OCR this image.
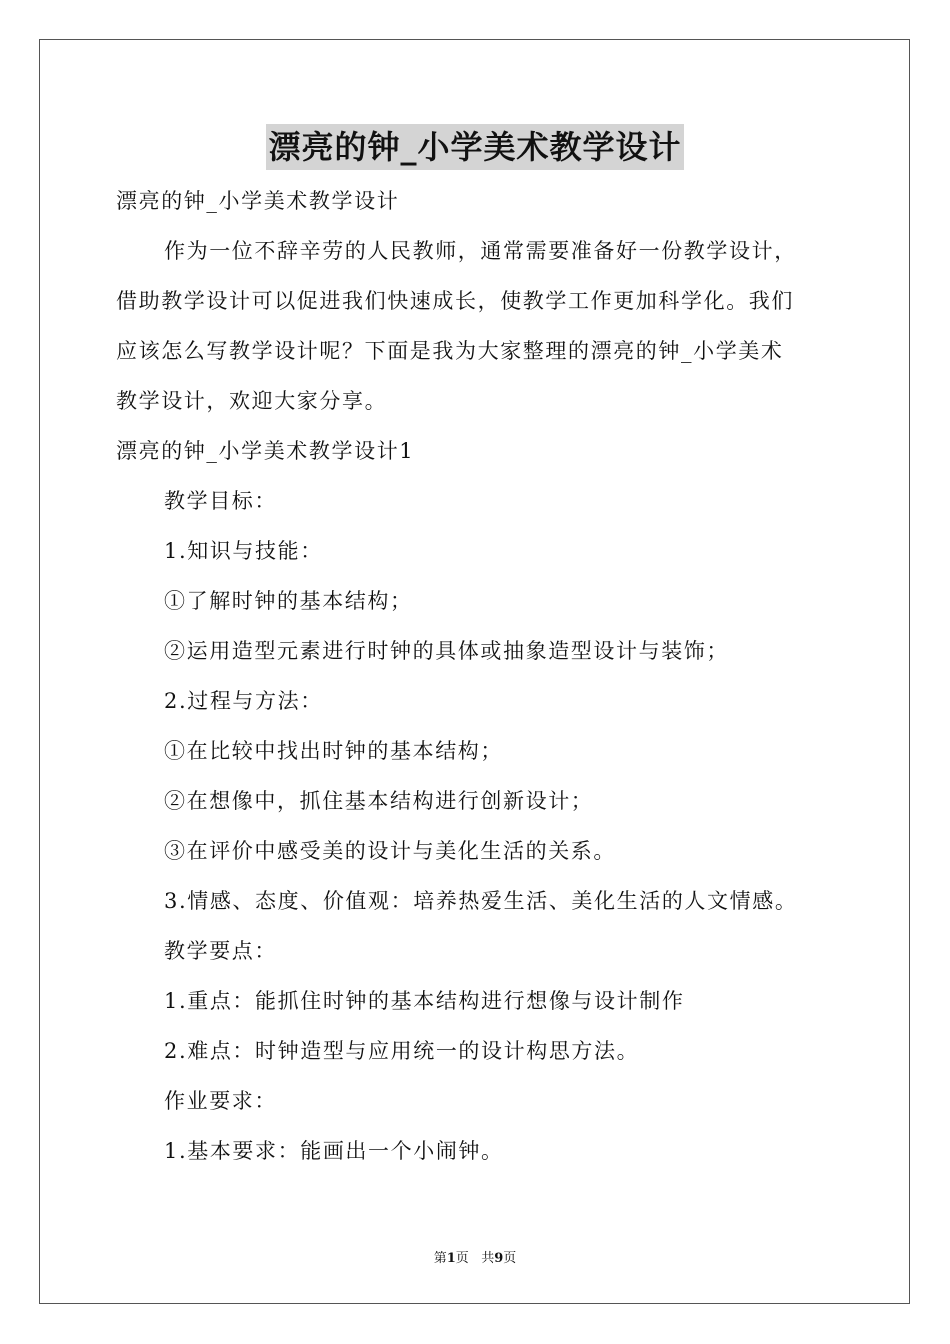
漂亮的钟_小学美术教学设计
漂亮的钟_小学美术教学设计
作为一位不辞辛劳的人民教师，通常需要准备好一份教学设计，
借助教学设计可以促进我们快速成长，使教学工作更加科学化。我们
应该怎么写教学设计呢？下面是我为大家整理的漂亮的钟_小学美术
教学设计，欢迎大家分享。
漂亮的钟_小学美术教学设计1
教学目标：
1.知识与技能：
①了解时钟的基本结构；
②运用造型元素进行时钟的具体或抽象造型设计与装饰；
2.过程与方法：
①在比较中找出时钟的基本结构；
②在想像中，抓住基本结构进行创新设计；
③在评价中感受美的设计与美化生活的关系。
3.情感、态度、价值观：培养热爱生活、美化生活的人文情感。
教学要点：
1.重点：能抓住时钟的基本结构进行想像与设计制作
2.难点：时钟造型与应用统一的设计构思方法。
作业要求：
1.基本要求：能画出一个小闹钟。
第1页 共9页
